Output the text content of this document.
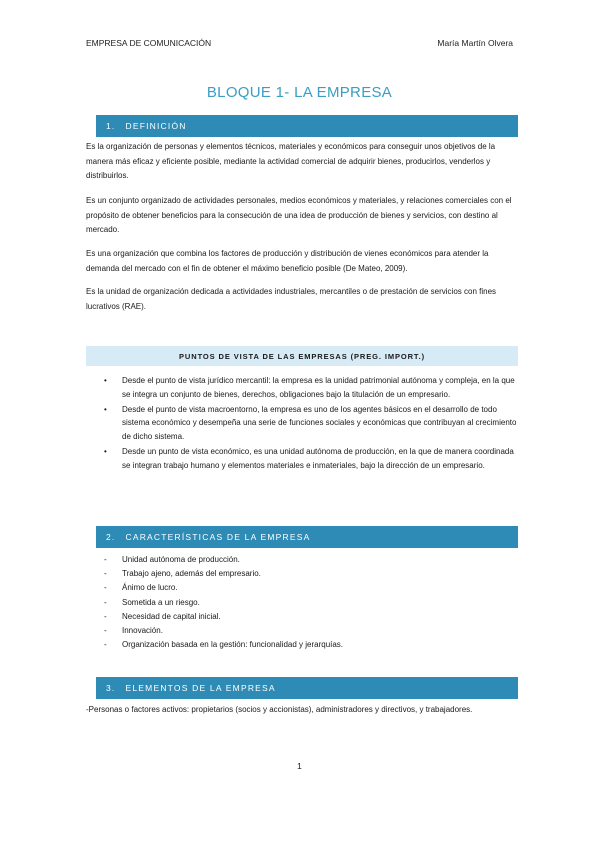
EMPRESA DE COMUNICACIÓN	María Martín Olvera
BLOQUE 1- LA EMPRESA
1. DEFINICIÓN

Es la organización de personas y elementos técnicos, materiales y económicos para conseguir unos objetivos de la manera más eficaz y eficiente posible, mediante la actividad comercial de adquirir bienes, producirlos, venderlos y distribuirlos.

Es un conjunto organizado de actividades personales, medios económicos y materiales, y relaciones comerciales con el propósito de obtener beneficios para la consecución de una idea de producción de bienes y servicios, con destino al mercado.

Es una organización que combina los factores de producción y distribución de vienes económicos para atender la demanda del mercado con el fin de obtener el máximo beneficio posible (De Mateo, 2009).

Es la unidad de organización dedicada a actividades industriales, mercantiles o de prestación de servicios con fines lucrativos (RAE).

PUNTOS DE VISTA DE LAS EMPRESAS (PREG. IMPORT.)
• Desde el punto de vista jurídico mercantil: la empresa es la unidad patrimonial autónoma y compleja, en la que se integra un conjunto de bienes, derechos, obligaciones bajo la titulación de un empresario.
• Desde el punto de vista macroentorno, la empresa es uno de los agentes básicos en el desarrollo de todo sistema económico y desempeña una serie de funciones sociales y económicas que contribuyan al crecimiento de dicho sistema.
• Desde un punto de vista económico, es una unidad autónoma de producción, en la que de manera coordinada se integran trabajo humano y elementos materiales e inmateriales, bajo la dirección de un empresario.
2. CARACTERÍSTICAS DE LA EMPRESA
- Unidad autónoma de producción.
- Trabajo ajeno, además del empresario.
- Ánimo de lucro.
- Sometida a un riesgo.
- Necesidad de capital inicial.
- Innovación.
- Organización basada en la gestión: funcionalidad y jerarquías.
3. ELEMENTOS DE LA EMPRESA

-Personas o factores activos: propietarios (socios y accionistas), administradores y directivos, y trabajadores.

1
